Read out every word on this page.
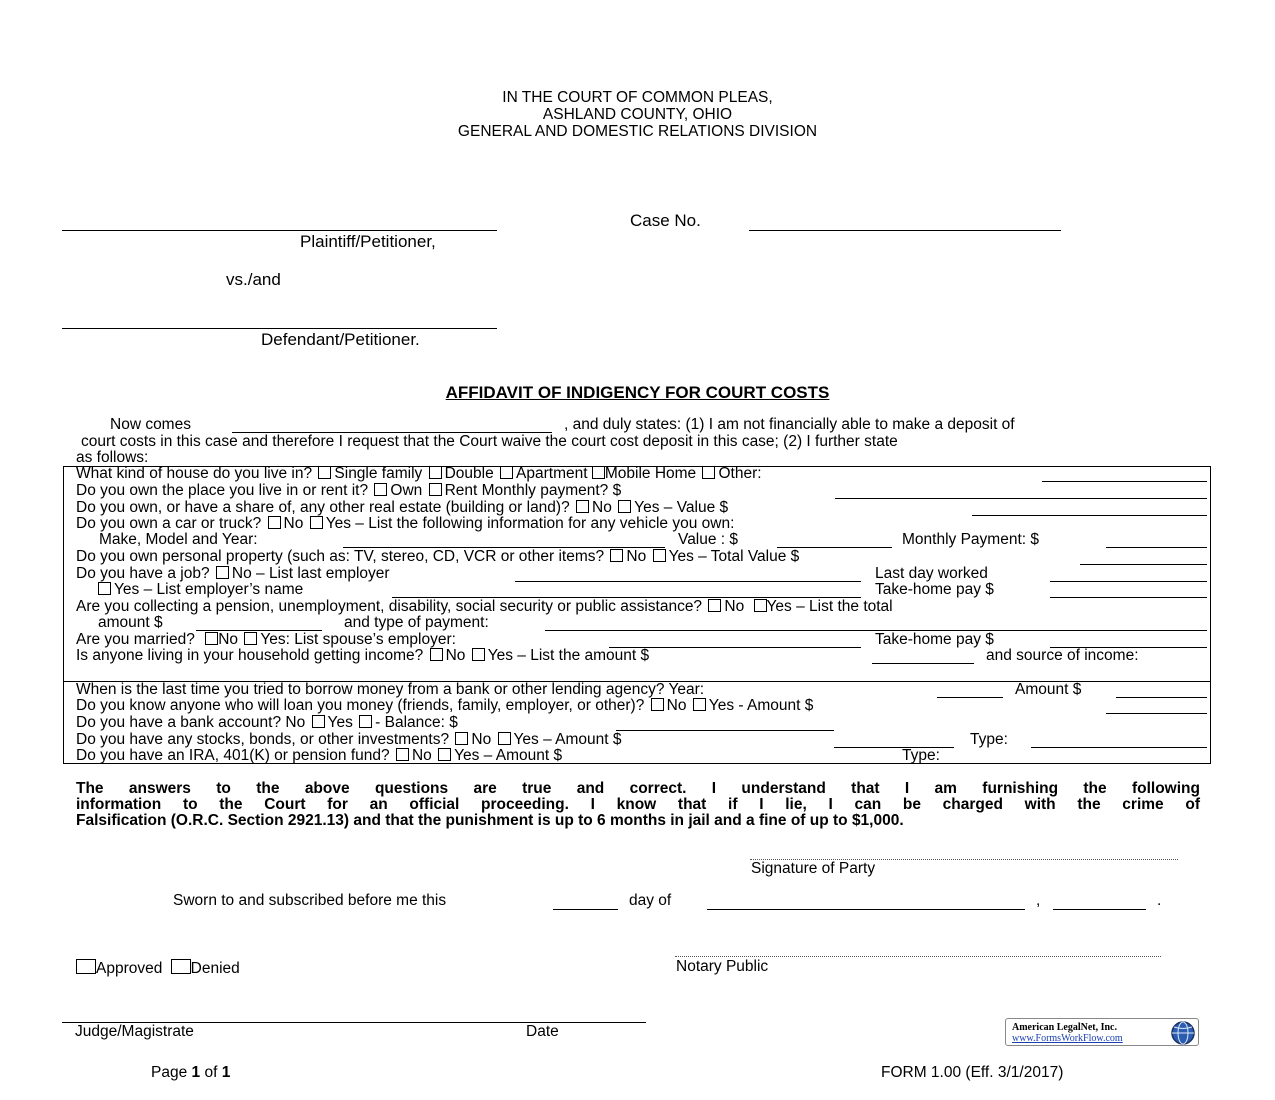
IN THE COURT OF COMMON PLEAS,
ASHLAND COUNTY, OHIO
GENERAL AND DOMESTIC RELATIONS DIVISION
Plaintiff/Petitioner,
Case No.
vs./and
Defendant/Petitioner.
AFFIDAVIT OF INDIGENCY FOR COURT COSTS
Now comes	, and duly states: (1) I am not financially able to make a deposit of
court costs in this case and therefore I request that the Court waive the court cost deposit in this case; (2) I further state
as follows:
What kind of house do you live in? Single family Double Apartment Mobile Home Other:
Do you own the place you live in or rent it? Own Rent Monthly payment? $
Do you own, or have a share of, any other real estate (building or land)? No Yes – Value $
Do you own a car or truck? No Yes – List the following information for any vehicle you own:
Make, Model and Year:	Value : $	Monthly Payment: $
Do you own personal property (such as: TV, stereo, CD, VCR or other items? No Yes – Total Value $
Do you have a job? No – List last employer	Last day worked
Yes – List employer’s name	Take-home pay $
Are you collecting a pension, unemployment, disability, social security or public assistance? No Yes – List the total
amount $	and type of payment:
Are you married? No Yes: List spouse’s employer:	Take-home pay $
Is anyone living in your household getting income? No Yes – List the amount $	and source of income:
When is the last time you tried to borrow money from a bank or other lending agency? Year:	Amount $
Do you know anyone who will loan you money (friends, family, employer, or other)? No Yes - Amount $
Do you have a bank account? No Yes - Balance: $
Do you have any stocks, bonds, or other investments? No Yes – Amount $	Type:
Do you have an IRA, 401(K) or pension fund? No Yes – Amount $	Type:
The answers to the above questions are true and correct. I understand that I am furnishing the following
information to the Court for an official proceeding. I know that if I lie, I can be charged with the crime of
Falsification (O.R.C. Section 2921.13) and that the punishment is up to 6 months in jail and a fine of up to $1,000.
Signature of Party
Sworn to and subscribed before me this	day of	,	.
Approved Denied	Notary Public
Judge/Magistrate	Date	American LegalNet, Inc.
www.FormsWorkFlow.com
Page 1 of 1	FORM 1.00 (Eff. 3/1/2017)
